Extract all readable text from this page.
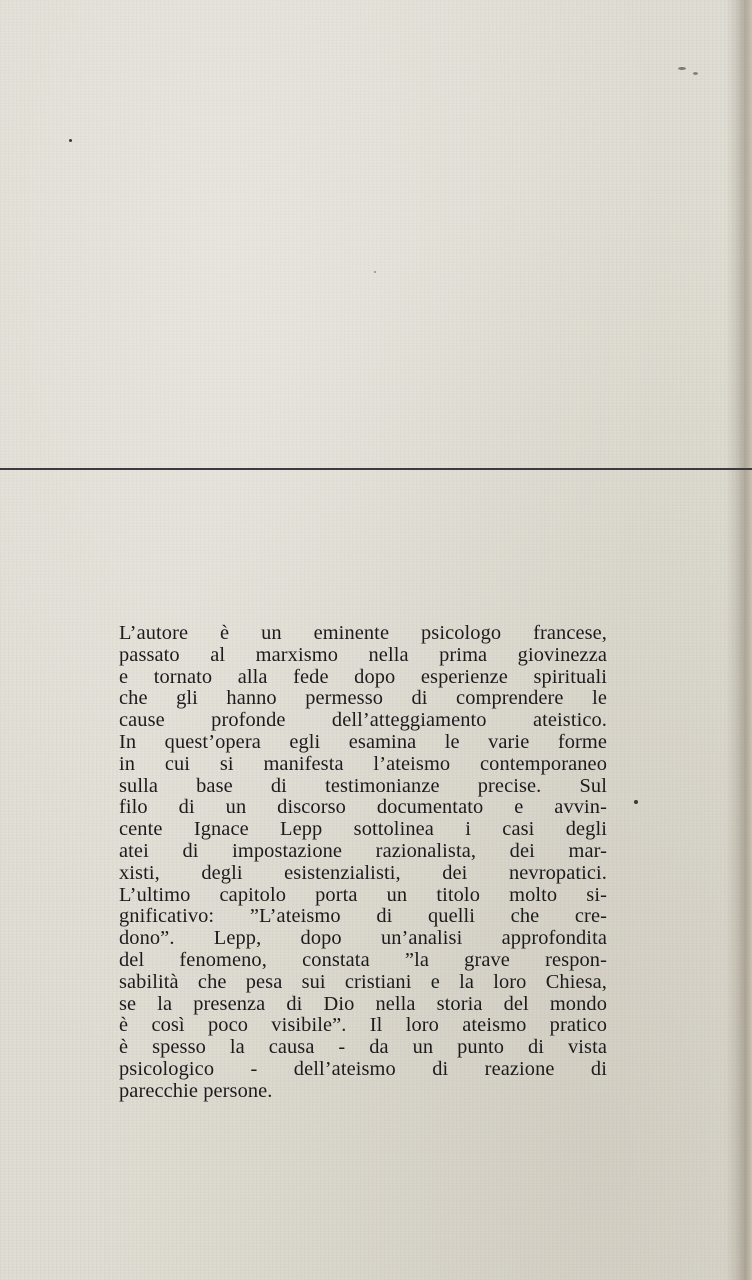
L’autore è un eminente psicologo francese,
passato al marxismo nella prima giovinezza
e tornato alla fede dopo esperienze spirituali
che gli hanno permesso di comprendere le
cause profonde dell’atteggiamento ateistico.
In quest’opera egli esamina le varie forme
in cui si manifesta l’ateismo contemporaneo
sulla base di testimonianze precise. Sul
filo di un discorso documentato e avvin-
cente Ignace Lepp sottolinea i casi degli
atei di impostazione razionalista, dei mar-
xisti, degli esistenzialisti, dei nevropatici.
L’ultimo capitolo porta un titolo molto si-
gnificativo: ”L’ateismo di quelli che cre-
dono”. Lepp, dopo un’analisi approfondita
del fenomeno, constata ”la grave respon-
sabilità che pesa sui cristiani e la loro Chiesa,
se la presenza di Dio nella storia del mondo
è così poco visibile”. Il loro ateismo pratico
è spesso la causa - da un punto di vista
psicologico - dell’ateismo di reazione di
parecchie persone.
